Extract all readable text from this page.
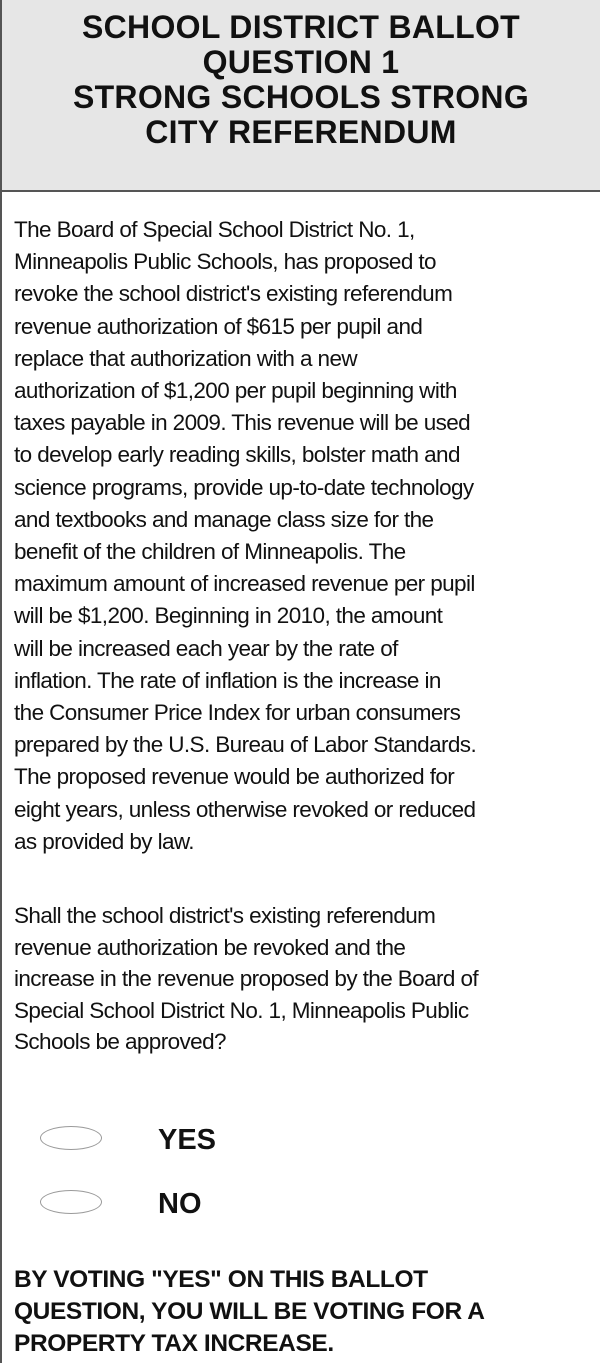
SCHOOL DISTRICT BALLOT
QUESTION 1
STRONG SCHOOLS STRONG
CITY REFERENDUM
The Board of Special School District No. 1,
Minneapolis Public Schools, has proposed to
revoke the school district's existing referendum
revenue authorization of $615 per pupil and
replace that authorization with a new
authorization of $1,200 per pupil beginning with
taxes payable in 2009. This revenue will be used
to develop early reading skills, bolster math and
science programs, provide up-to-date technology
and textbooks and manage class size for the
benefit of the children of Minneapolis. The
maximum amount of increased revenue per pupil
will be $1,200. Beginning in 2010, the amount
will be increased each year by the rate of
inflation. The rate of inflation is the increase in
the Consumer Price Index for urban consumers
prepared by the U.S. Bureau of Labor Standards.
The proposed revenue would be authorized for
eight years, unless otherwise revoked or reduced
as provided by law.
Shall the school district's existing referendum
revenue authorization be revoked and the
increase in the revenue proposed by the Board of
Special School District No. 1, Minneapolis Public
Schools be approved?
YES
NO
BY VOTING "YES" ON THIS BALLOT
QUESTION, YOU WILL BE VOTING FOR A
PROPERTY TAX INCREASE.
